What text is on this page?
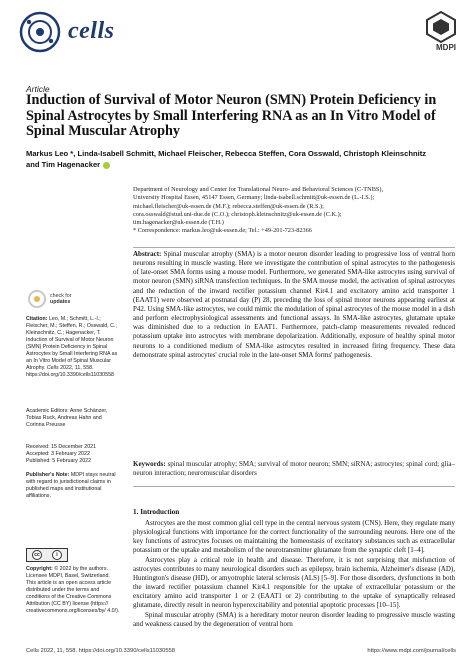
cells
MDPI
Article
Induction of Survival of Motor Neuron (SMN) Protein Deficiency in Spinal Astrocytes by Small Interfering RNA as an In Vitro Model of Spinal Muscular Atrophy
Markus Leo *, Linda-Isabell Schmitt, Michael Fleischer, Rebecca Steffen, Cora Osswald, Christoph Kleinschnitz
and Tim Hagenacker
Department of Neurology and Center for Translational Neuro- and Behavioral Sciences (C-TNBS),
University Hospital Essen, 45147 Essen, Germany; linda-isabell.schmitt@uk-essen.de (L.-I.S.);
michael.fleischer@uk-essen.de (M.F.); rebecca.steffen@uk-essen.de (R.S.);
cora.osswald@stud.uni-due.de (C.O.); christoph.kleinschnitz@uk-essen.de (C.K.);
tim.hagenacker@uk-essen.de (T.H.)
* Correspondence: markus.leo@uk-essen.de; Tel.: +49-201-723-82366
Abstract: Spinal muscular atrophy (SMA) is a motor neuron disorder leading to progressive loss of ventral horn neurons resulting in muscle wasting. Here we investigate the contribution of spinal astrocytes to the pathogenesis of late-onset SMA forms using a mouse model. Furthermore, we generated SMA-like astrocytes using survival of motor neuron (SMN) siRNA transfection techniques. In the SMA mouse model, the activation of spinal astrocytes and the reduction of the inward rectifier potassium channel Kir4.1 and excitatory amino acid transporter 1 (EAAT1) were observed at postnatal day (P) 28, preceding the loss of spinal motor neurons appearing earliest at P42. Using SMA-like astrocytes, we could mimic the modulation of spinal astrocytes of the mouse model in a dish and perform electrophysiological assessments and functional assays. In SMA-like astrocytes, glutamate uptake was diminished due to a reduction in EAAT1. Furthermore, patch-clamp measurements revealed reduced potassium uptake into astrocytes with membrane depolarization. Additionally, exposure of healthy spinal motor neurons to a conditioned medium of SMA-like astrocytes resulted in increased firing frequency. These data demonstrate spinal astrocytes' crucial role in the late-onset SMA forms' pathogenesis.
Keywords: spinal muscular atrophy; SMA; survival of motor neuron; SMN; siRNA; astrocytes; spinal cord; glia–neuron interaction; neuromuscular disorders
check for
updates
Citation: Leo, M.; Schmitt, L.-I.; Fleischer, M.; Steffen, R.; Osswald, C.; Kleinschnitz, C.; Hagenacker, T. Induction of Survival of Motor Neuron (SMN) Protein Deficiency in Spinal Astrocytes by Small Interfering RNA as an In Vitro Model of Spinal Muscular Atrophy. Cells 2022, 11, 558. https://doi.org/10.3390/cells11030558
Academic Editors: Anne Schänzer, Tobias Ruck, Andreas Hahn and Corinna Preusse
Received: 15 December 2021
Accepted: 3 February 2022
Published: 5 February 2022
Publisher's Note: MDPI stays neutral with regard to jurisdictional claims in published maps and institutional affiliations.
cc	i
Copyright: © 2022 by the authors. Licensee MDPI, Basel, Switzerland. This article is an open access article distributed under the terms and conditions of the Creative Commons Attribution (CC BY) license (https:// creativecommons.org/licenses/by/ 4.0/).
1. Introduction

Astrocytes are the most common glial cell type in the central nervous system (CNS). Here, they regulate many physiological functions with importance for the correct functionality of the surrounding neurons. Here one of the key functions of astrocytes focuses on maintaining the homeostasis of excitatory substances such as extracellular potassium or the uptake and metabolism of the neurotransmitter glutamate from the synaptic cleft [1–4].

Astrocytes play a critical role in health and disease. Therefore, it is not surprising that misfunction of astrocytes contributes to many neurological disorders such as epilepsy, brain ischemia, Alzheimer's disease (AD), Huntington's disease (HD), or amyotrophic lateral sclerosis (ALS) [5–9]. For those disorders, dysfunctions in both the inward rectifier potassium channel Kir4.1 responsible for the uptake of extracellular potassium or the excitatory amino acid transporter 1 or 2 (EAAT1 or 2) contributing to the uptake of synaptically released glutamate, directly result in neuron hyperexcitability and potential apoptotic processes [10–15].

Spinal muscular atrophy (SMA) is a hereditary motor neuron disorder leading to progressive muscle wasting and weakness caused by the degeneration of ventral horn

Cells 2022, 11, 558. https://doi.org/10.3390/cells11030558	https://www.mdpi.com/journal/cells
